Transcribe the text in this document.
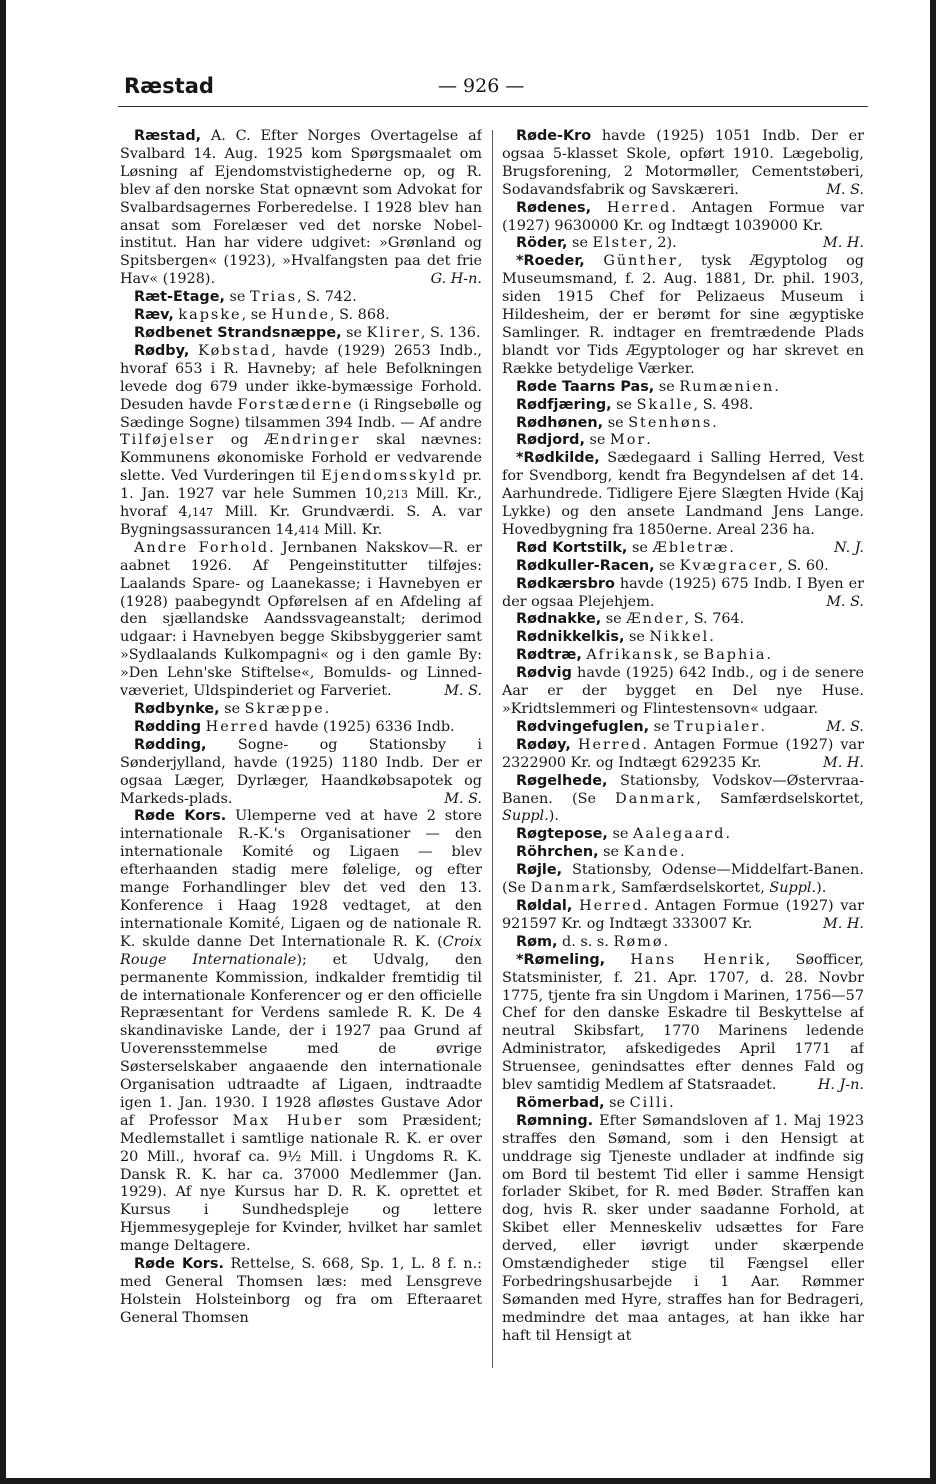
Ræstad	— 926 —

Ræstad, A. C. Efter Norges Overtagelse af Svalbard 14. Aug. 1925 kom Spørgsmaalet om Løsning af Ejendomstvistighederne op, og R. blev af den norske Stat opnævnt som Advokat for Svalbardsagernes Forberedelse. I 1928 blev han ansat som Forelæser ved det norske Nobel-institut. Han har videre udgivet: »Grønland og Spitsbergen« (1923), »Hvalfangsten paa det frie Hav« (1928).	G. H-n.

Ræt-Etage, se Trias, S. 742.

Ræv, kapske, se Hunde, S. 868.

Rødbenet Strandsnæppe, se Klirer, S. 136.

Rødby, Købstad, havde (1929) 2653 Indb., hvoraf 653 i R. Havneby; af hele Befolkningen levede dog 679 under ikke-bymæssige Forhold. Desuden havde Forstæderne (i Ringsebølle og Sædinge Sogne) tilsammen 394 Indb. — Af andre Tilføjelser og Ændringer skal nævnes: Kommunens økonomiske Forhold er vedvarende slette. Ved Vurderingen til Ejendomsskyld pr. 1. Jan. 1927 var hele Summen 10,213 Mill. Kr., hvoraf 4,147 Mill. Kr. Grundværdi. S. A. var Bygningsassurancen 14,414 Mill. Kr.

Andre Forhold. Jernbanen Nakskov—R. er aabnet 1926. Af Pengeinstitutter tilføjes: Laalands Spare- og Laanekasse; i Havnebyen er (1928) paabegyndt Opførelsen af en Afdeling af den sjællandske Aandssvageanstalt; derimod udgaar: i Havnebyen begge Skibsbyggerier samt »Sydlaalands Kulkompagni« og i den gamle By: »Den Lehn'ske Stiftelse«, Bomulds- og Linned-væveriet, Uldspinderiet og Farveriet.	M. S.

Rødbynke, se Skræppe.

Rødding Herred havde (1925) 6336 Indb.

Rødding, Sogne- og Stationsby i Sønderjylland, havde (1925) 1180 Indb. Der er ogsaa Læger, Dyrlæger, Haandkøbsapotek og Markeds-plads.	M. S.

Røde Kors. Ulemperne ved at have 2 store internationale R.-K.'s Organisationer — den internationale Komité og Ligaen — blev efterhaanden stadig mere følelige, og efter mange Forhandlinger blev det ved den 13. Konference i Haag 1928 vedtaget, at den internationale Komité, Ligaen og de nationale R. K. skulde danne Det Internationale R. K. (Croix Rouge Internationale); et Udvalg, den permanente Kommission, indkalder fremtidig til de internationale Konferencer og er den officielle Repræsentant for Verdens samlede R. K. De 4 skandinaviske Lande, der i 1927 paa Grund af Uoverensstemmelse med de øvrige Søsterselskaber angaaende den internationale Organisation udtraadte af Ligaen, indtraadte igen 1. Jan. 1930. I 1928 afløstes Gustave Ador af Professor Max Huber som Præsident; Medlemstallet i samtlige nationale R. K. er over 20 Mill., hvoraf ca. 9½ Mill. i Ungdoms R. K. Dansk R. K. har ca. 37000 Medlemmer (Jan. 1929). Af nye Kursus har D. R. K. oprettet et Kursus i Sundhedspleje og lettere Hjemmesygepleje for Kvinder, hvilket har samlet mange Deltagere.

Røde Kors. Rettelse, S. 668, Sp. 1, L. 8 f. n.: med General Thomsen læs: med Lensgreve Holstein Holsteinborg og fra om Efteraaret General Thomsen

Røde-Kro havde (1925) 1051 Indb. Der er ogsaa 5-klasset Skole, opført 1910. Lægebolig, Brugsforening, 2 Motormøller, Cementstøberi, Sodavandsfabrik og Savskæreri.	M. S.

Rødenes, Herred. Antagen Formue var (1927) 9630000 Kr. og Indtægt 1039000 Kr.
M. H.

Röder, se Elster, 2).

*Roeder, Günther, tysk Ægyptolog og Museumsmand, f. 2. Aug. 1881, Dr. phil. 1903, siden 1915 Chef for Pelizaeus Museum i Hildesheim, der er berømt for sine ægyptiske Samlinger. R. indtager en fremtrædende Plads blandt vor Tids Ægyptologer og har skrevet en Række betydelige Værker.

Røde Taarns Pas, se Rumænien.

Rødfjæring, se Skalle, S. 498.

Rødhønen, se Stenhøns.

Rødjord, se Mor.

*Rødkilde, Sædegaard i Salling Herred, Vest for Svendborg, kendt fra Begyndelsen af det 14. Aarhundrede. Tidligere Ejere Slægten Hvide (Kaj Lykke) og den ansete Landmand Jens Lange. Hovedbygning fra 1850erne. Areal 236 ha.
N. J.

Rød Kortstilk, se Æbletræ.

Rødkuller-Racen, se Kvægracer, S. 60.

Rødkærsbro havde (1925) 675 Indb. I Byen er der ogsaa Plejehjem.	M. S.

Rødnakke, se Ænder, S. 764.

Rødnikkelkis, se Nikkel.

Rødtræ, Afrikansk, se Baphia.

Rødvig havde (1925) 642 Indb., og i de senere Aar er der bygget en Del nye Huse. »Kridtslemmeri og Flintestensovn« udgaar.
M. S.

Rødvingefuglen, se Trupialer.

Rødøy, Herred. Antagen Formue (1927) var 2322900 Kr. og Indtægt 629235 Kr.	M. H.

Røgelhede, Stationsby, Vodskov—Østervraa-Banen. (Se Danmark, Samfærdselskortet, Suppl.).

Røgtepose, se Aalegaard.

Röhrchen, se Kande.

Røjle, Stationsby, Odense—Middelfart-Banen. (Se Danmark, Samfærdselskortet, Suppl.).

Røldal, Herred. Antagen Formue (1927) var 921597 Kr. og Indtægt 333007 Kr.	M. H.

Røm, d. s. s. Rømø.

*Rømeling, Hans Henrik, Søofficer, Statsminister, f. 21. Apr. 1707, d. 28. Novbr 1775, tjente fra sin Ungdom i Marinen, 1756—57 Chef for den danske Eskadre til Beskyttelse af neutral Skibsfart, 1770 Marinens ledende Administrator, afskedigedes April 1771 af Struensee, genindsattes efter dennes Fald og blev samtidig Medlem af Statsraadet.	H. J-n.

Römerbad, se Cilli.

Rømning. Efter Sømandsloven af 1. Maj 1923 straffes den Sømand, som i den Hensigt at unddrage sig Tjeneste undlader at indfinde sig om Bord til bestemt Tid eller i samme Hensigt forlader Skibet, for R. med Bøder. Straffen kan dog, hvis R. sker under saadanne Forhold, at Skibet eller Menneskeliv udsættes for Fare derved, eller iøvrigt under skærpende Omstændigheder stige til Fængsel eller Forbedringshusarbejde i 1 Aar. Rømmer Sømanden med Hyre, straffes han for Bedrageri, medmindre det maa antages, at han ikke har haft til Hensigt at
